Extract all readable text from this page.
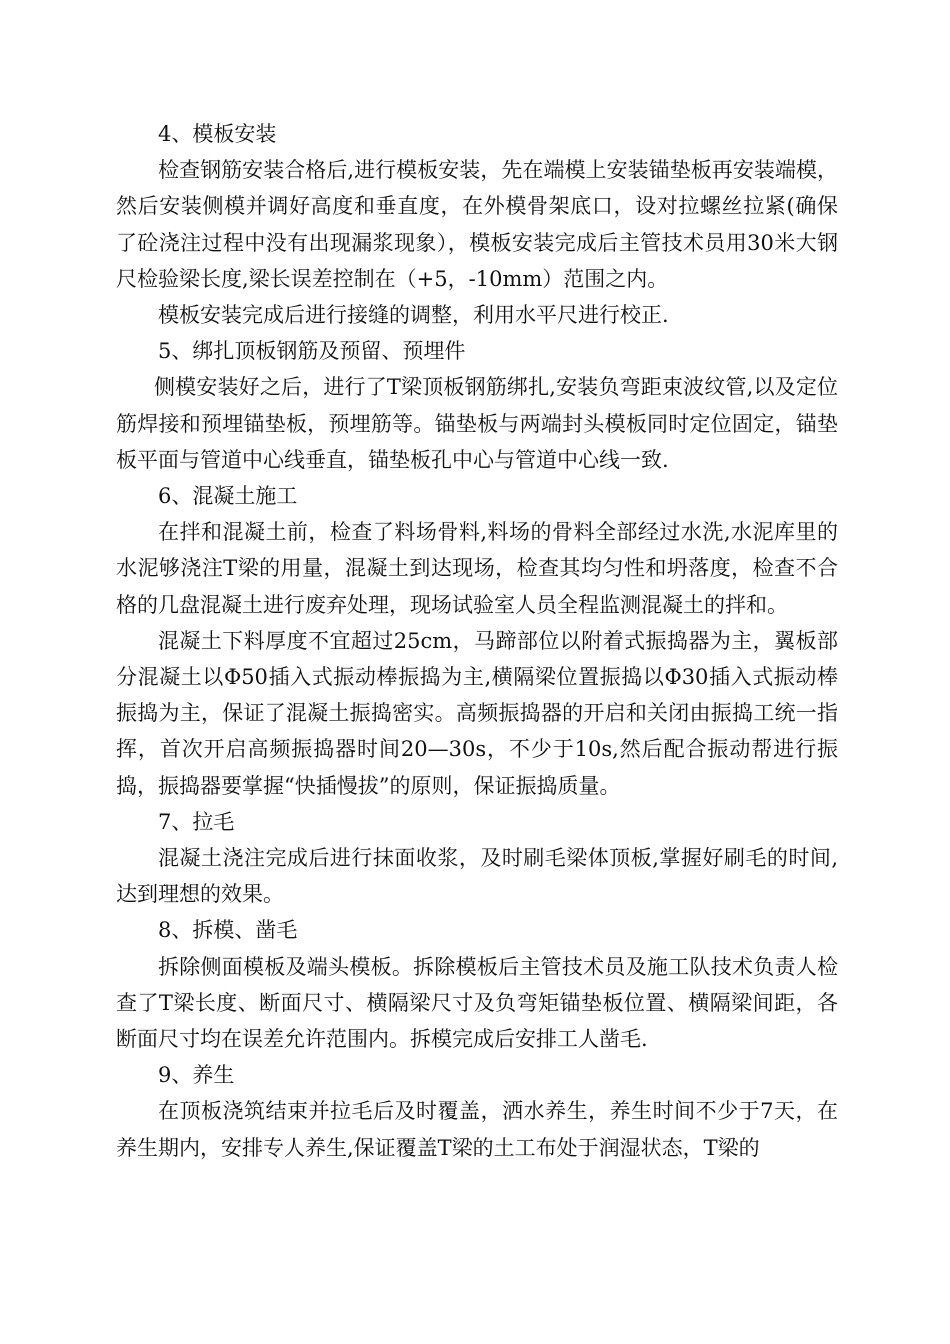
4、模板安装

检查钢筋安装合格后,进行模板安装，先在端模上安装锚垫板再安装端模，然后安装侧模并调好高度和垂直度，在外模骨架底口，设对拉螺丝拉紧(确保了砼浇注过程中没有出现漏浆现象），模板安装完成后主管技术员用30米大钢尺检验梁长度,梁长误差控制在（+5，-10mm）范围之内。

模板安装完成后进行接缝的调整，利用水平尺进行校正.

5、绑扎顶板钢筋及预留、预埋件

侧模安装好之后，进行了T梁顶板钢筋绑扎,安装负弯距束波纹管,以及定位筋焊接和预埋锚垫板，预埋筋等。锚垫板与两端封头模板同时定位固定，锚垫板平面与管道中心线垂直，锚垫板孔中心与管道中心线一致.

6、混凝土施工

在拌和混凝土前，检查了料场骨料,料场的骨料全部经过水洗,水泥库里的水泥够浇注T梁的用量，混凝土到达现场，检查其均匀性和坍落度，检查不合格的几盘混凝土进行废弃处理，现场试验室人员全程监测混凝土的拌和。

混凝土下料厚度不宜超过25cm，马蹄部位以附着式振捣器为主，翼板部分混凝土以Φ50插入式振动棒振捣为主,横隔梁位置振捣以Φ30插入式振动棒振捣为主，保证了混凝土振捣密实。高频振捣器的开启和关闭由振捣工统一指挥，首次开启高频振捣器时间20—30s，不少于10s,然后配合振动帮进行振捣，振捣器要掌握“快插慢拔”的原则，保证振捣质量。

7、拉毛

混凝土浇注完成后进行抹面收浆，及时刷毛梁体顶板,掌握好刷毛的时间,达到理想的效果。

8、拆模、凿毛

拆除侧面模板及端头模板。拆除模板后主管技术员及施工队技术负责人检查了T梁长度、断面尺寸、横隔梁尺寸及负弯矩锚垫板位置、横隔梁间距，各断面尺寸均在误差允许范围内。拆模完成后安排工人凿毛.

9、养生

在顶板浇筑结束并拉毛后及时覆盖，洒水养生，养生时间不少于7天，在养生期内，安排专人养生,保证覆盖T梁的土工布处于润湿状态，T梁的
